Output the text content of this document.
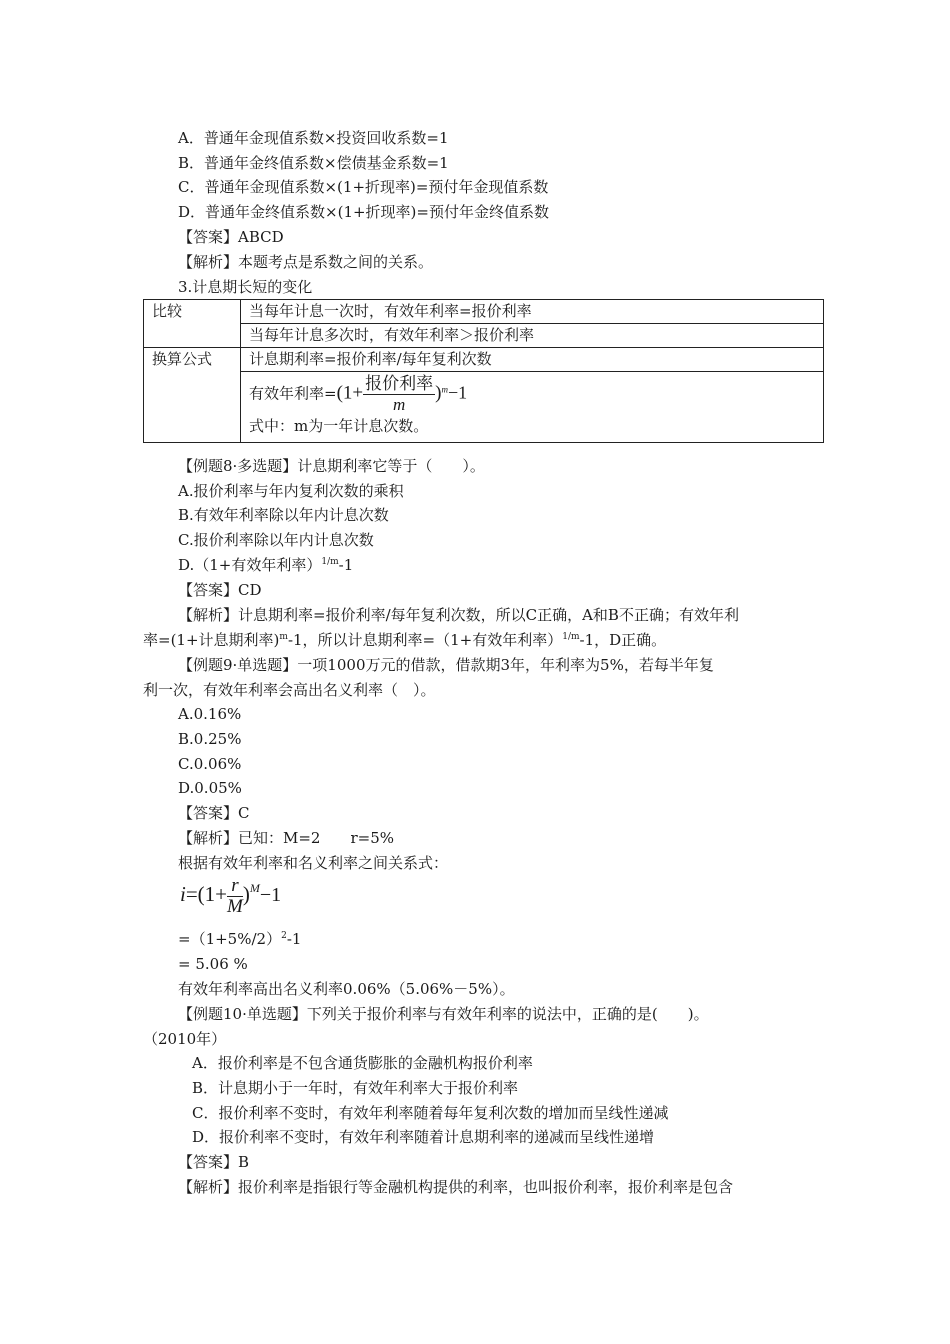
A．普通年金现值系数×投资回收系数=1
B．普通年金终值系数×偿债基金系数=1
C．普通年金现值系数×(1+折现率)=预付年金现值系数
D．普通年金终值系数×(1+折现率)=预付年金终值系数
【答案】ABCD
【解析】本题考点是系数之间的关系。
3.计息期长短的变化
比较	当每年计息一次时，有效年利率=报价利率
	当每年计息多次时，有效年利率＞报价利率
换算公式	计息期利率=报价利率/每年复利次数

	有效年利率$=(1+ \frac{\text{报价利率}}{m} )^m-1$
式中：m为一年计息次数。
【例题8·多选题】计息期利率它等于（　　）。
A.报价利率与年内复利次数的乘积
B.有效年利率除以年内计息次数
C.报价利率除以年内计息次数
D.（1+有效年利率）$^{1/m}$-1
【答案】CD
【解析】计息期利率=报价利率/每年复利次数，所以C正确，A和B不正确；有效年利
率=(1+计息期利率)$^m$-1，所以计息期利率=（1+有效年利率）$^{1/m}$-1，D正确。
【例题9·单选题】一项1000万元的借款，借款期3年，年利率为5%，若每半年复
利一次，有效年利率会高出名义利率（　）。
A.0.16%
B.0.25%
C.0.06%
D.0.05%
【答案】C
【解析】已知：M=2　　r=5%
根据有效年利率和名义利率之间关系式：
$i=(1+ \frac{r}{M} )^M-1$
$=(1+5\%/2)^2-1$
= 5.06 %
有效年利率高出名义利率0.06%（5.06%－5%）。
【例题10·单选题】下列关于报价利率与有效年利率的说法中，正确的是(　　)。
（2010年）
A．报价利率是不包含通货膨胀的金融机构报价利率
B．计息期小于一年时，有效年利率大于报价利率
C．报价利率不变时，有效年利率随着每年复利次数的增加而呈线性递减
D．报价利率不变时，有效年利率随着计息期利率的递减而呈线性递增
【答案】B
【解析】报价利率是指银行等金融机构提供的利率，也叫报价利率，报价利率是包含
